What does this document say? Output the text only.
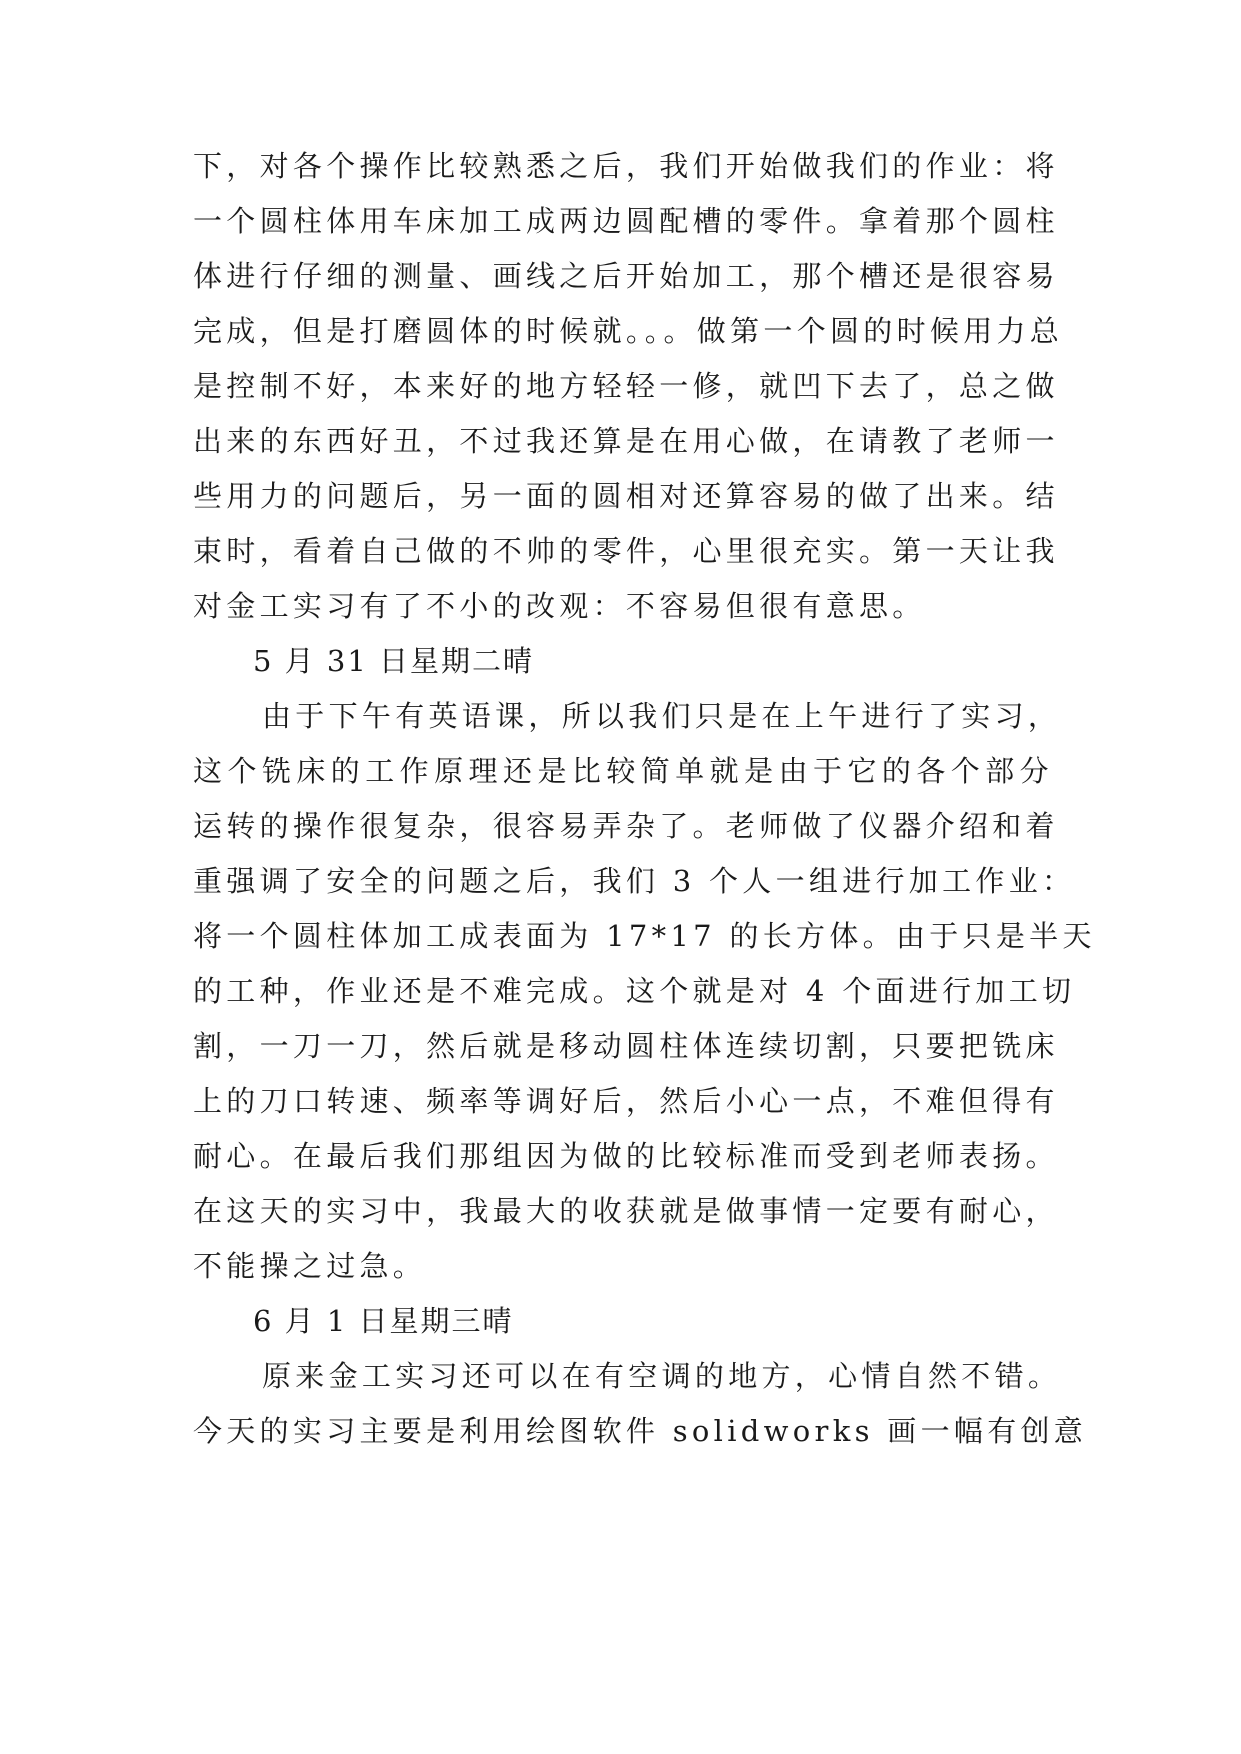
下，对各个操作比较熟悉之后，我们开始做我们的作业：将
一个圆柱体用车床加工成两边圆配槽的零件。拿着那个圆柱
体进行仔细的测量、画线之后开始加工，那个槽还是很容易
完成，但是打磨圆体的时候就。。。做第一个圆的时候用力总
是控制不好，本来好的地方轻轻一修，就凹下去了，总之做
出来的东西好丑，不过我还算是在用心做，在请教了老师一
些用力的问题后，另一面的圆相对还算容易的做了出来。结
束时，看着自己做的不帅的零件，心里很充实。第一天让我
对金工实习有了不小的改观：不容易但很有意思。
5 月 31 日星期二晴
由于下午有英语课，所以我们只是在上午进行了实习，
这个铣床的工作原理还是比较简单就是由于它的各个部分
运转的操作很复杂，很容易弄杂了。老师做了仪器介绍和着
重强调了安全的问题之后，我们 3 个人一组进行加工作业：
将一个圆柱体加工成表面为 17*17 的长方体。由于只是半天
的工种，作业还是不难完成。这个就是对 4 个面进行加工切
割，一刀一刀，然后就是移动圆柱体连续切割，只要把铣床
上的刀口转速、频率等调好后，然后小心一点，不难但得有
耐心。在最后我们那组因为做的比较标准而受到老师表扬。
在这天的实习中，我最大的收获就是做事情一定要有耐心，
不能操之过急。
6 月 1 日星期三晴
原来金工实习还可以在有空调的地方，心情自然不错。
今天的实习主要是利用绘图软件 solidworks 画一幅有创意
